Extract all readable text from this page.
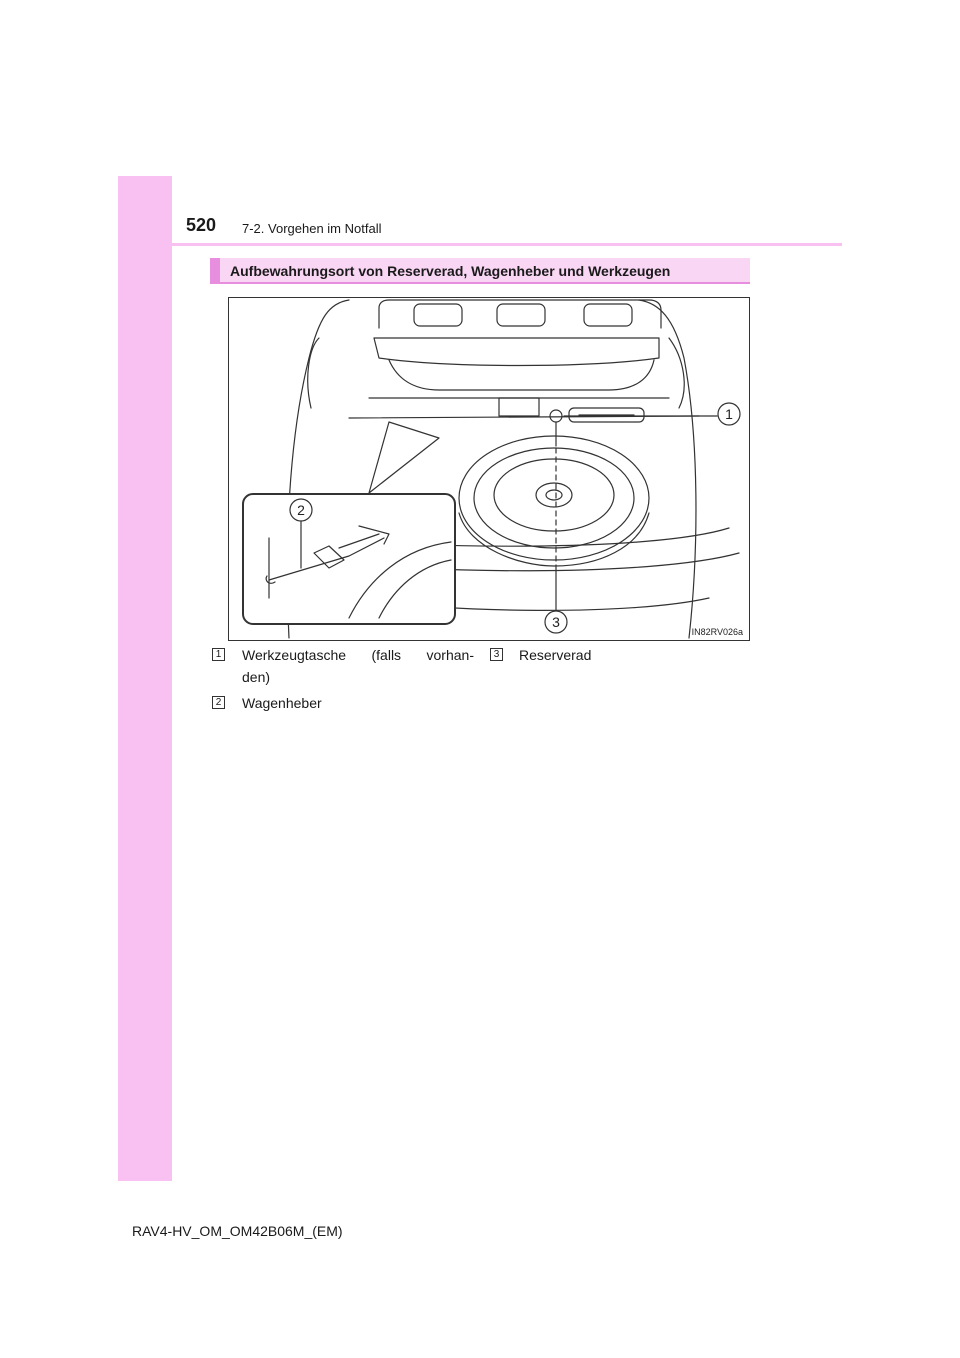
520 7-2. Vorgehen im Notfall
Aufbewahrungsort von Reserverad, Wagenheber und Werkzeugen
1
2
3
IN82RV026a
1 Werkzeugtasche (falls vorhan-
den)
2 Wagenheber
3 Reserverad
RAV4-HV_OM_OM42B06M_(EM)
